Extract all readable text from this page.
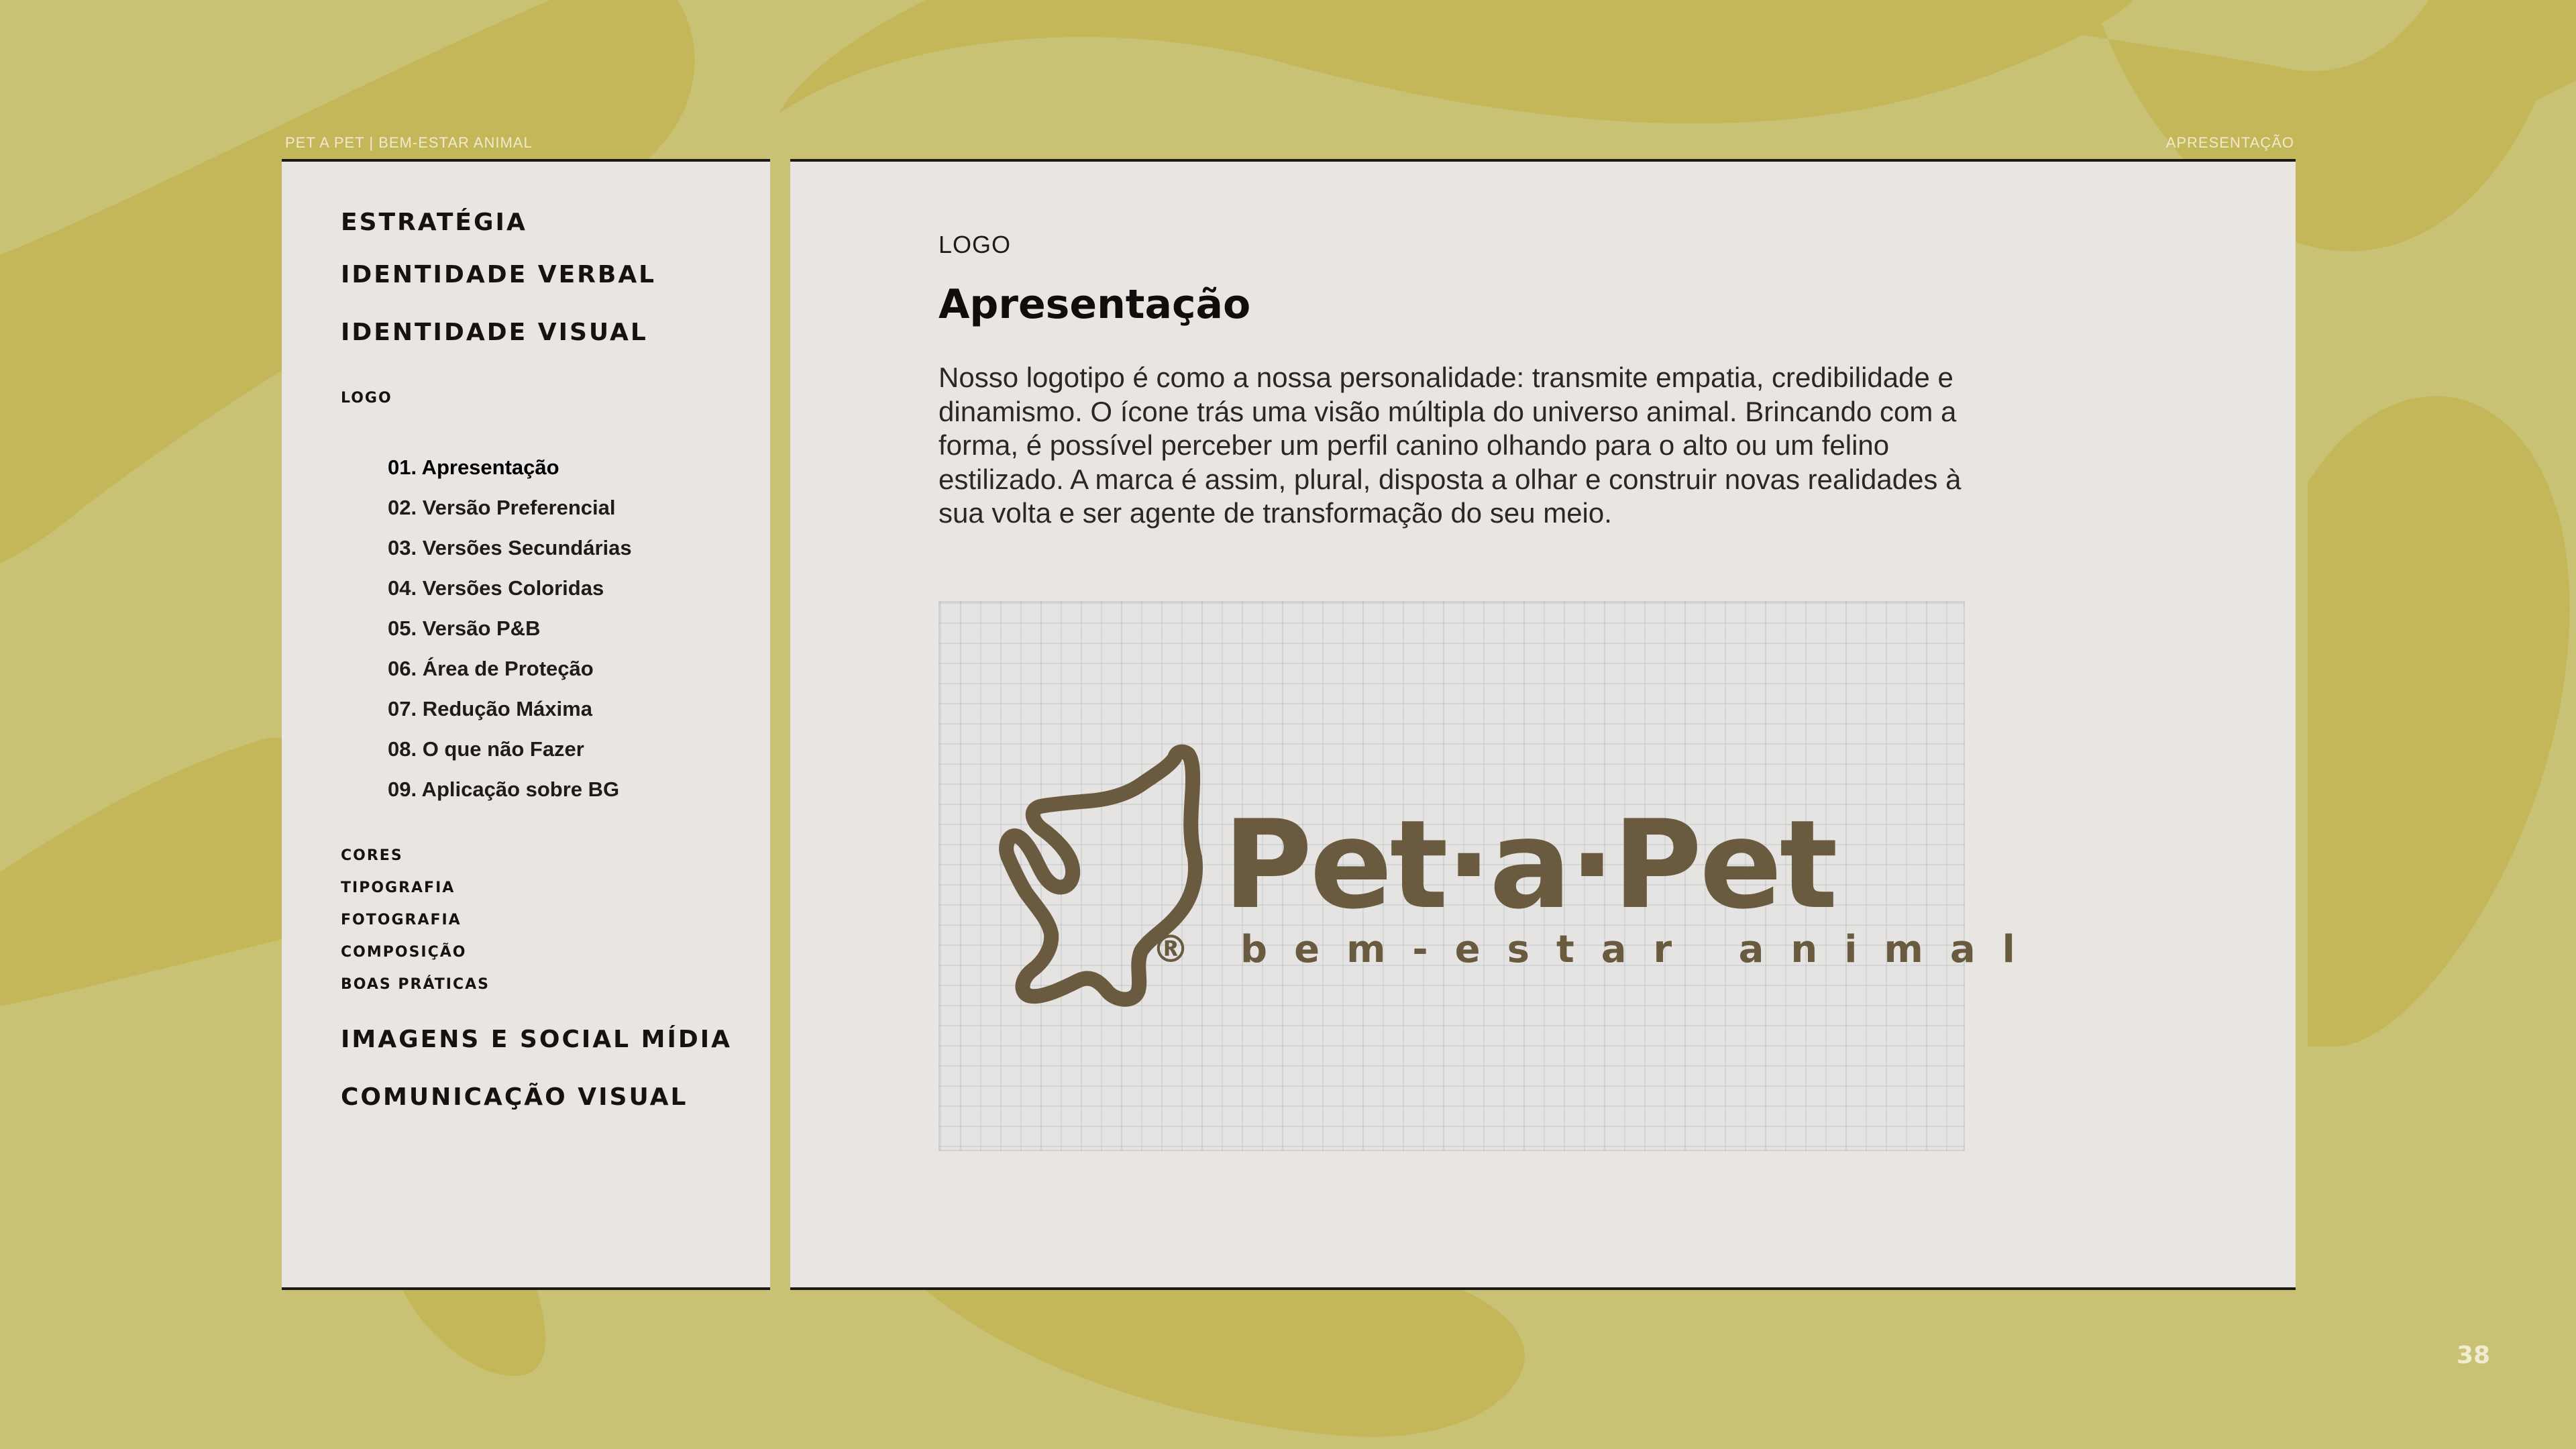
PET A PET | BEM-ESTAR ANIMAL	APRESENTAÇÃO
ESTRATÉGIA
IDENTIDADE VERBAL
IDENTIDADE VISUAL
LOGO
01. Apresentação
02. Versão Preferencial
03. Versões Secundárias
04. Versões Coloridas
05. Versão P&B
06. Área de Proteção
07. Redução Máxima
08. O que não Fazer
09. Aplicação sobre BG
CORES
TIPOGRAFIA
FOTOGRAFIA
COMPOSIÇÃO
BOAS PRÁTICAS
IMAGENS E SOCIAL MÍDIA
COMUNICAÇÃO VISUAL
LOGO
Apresentação

Nosso logotipo é como a nossa personalidade: transmite empatia, credibilidade e dinamismo. O ícone trás uma visão múltipla do universo animal. Brincando com a forma, é possível perceber um perfil canino olhando para o alto ou um felino estilizado. A marca é assim, plural, disposta a olhar e construir novas realidades à sua volta e ser agente de transformação do seu meio.

Pet·a·Pet
® bem-estar animal
38
